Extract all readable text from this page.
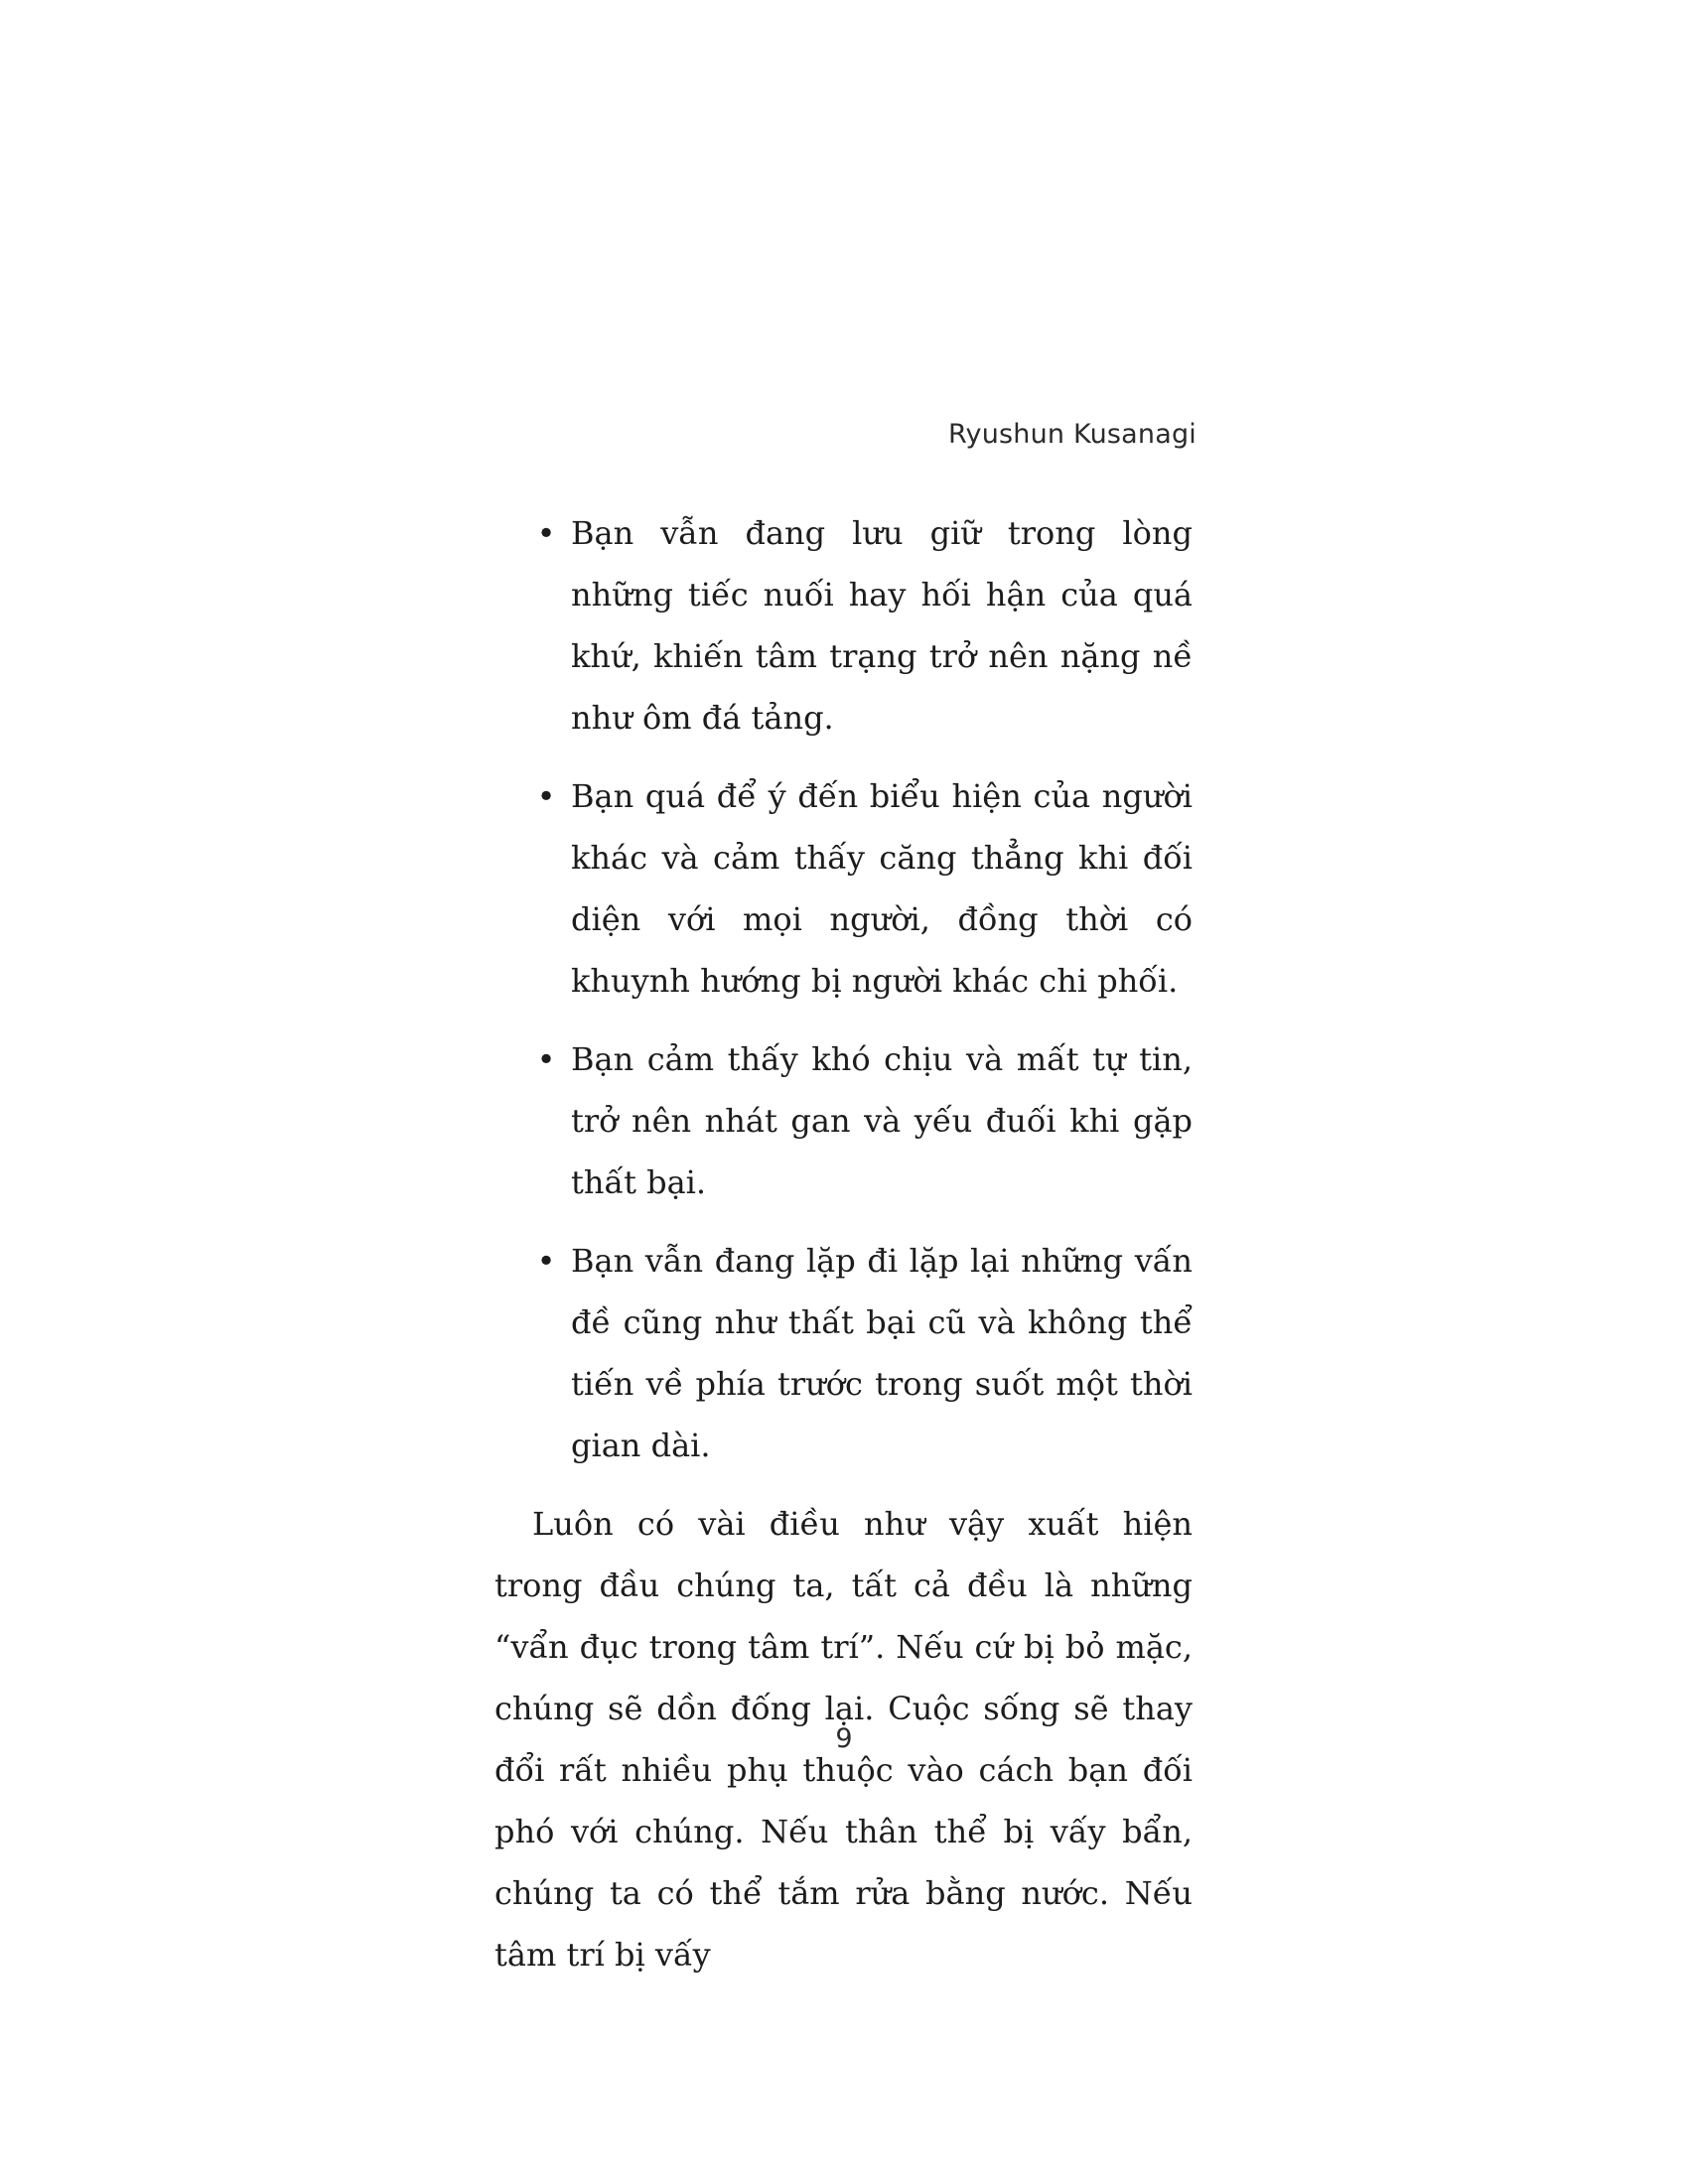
Ryushun Kusanagi
• Bạn vẫn đang lưu giữ trong lòng những tiếc nuối hay hối hận của quá khứ, khiến tâm trạng trở nên nặng nề như ôm đá tảng.
• Bạn quá để ý đến biểu hiện của người khác và cảm thấy căng thẳng khi đối diện với mọi người, đồng thời có khuynh hướng bị người khác chi phối.
• Bạn cảm thấy khó chịu và mất tự tin, trở nên nhát gan và yếu đuối khi gặp thất bại.
• Bạn vẫn đang lặp đi lặp lại những vấn đề cũng như thất bại cũ và không thể tiến về phía trước trong suốt một thời gian dài.

Luôn có vài điều như vậy xuất hiện trong đầu chúng ta, tất cả đều là những “vẩn đục trong tâm trí”. Nếu cứ bị bỏ mặc, chúng sẽ dồn đống lại. Cuộc sống sẽ thay đổi rất nhiều phụ thuộc vào cách bạn đối phó với chúng. Nếu thân thể bị vấy bẩn, chúng ta có thể tắm rửa bằng nước. Nếu tâm trí bị vấy

9
